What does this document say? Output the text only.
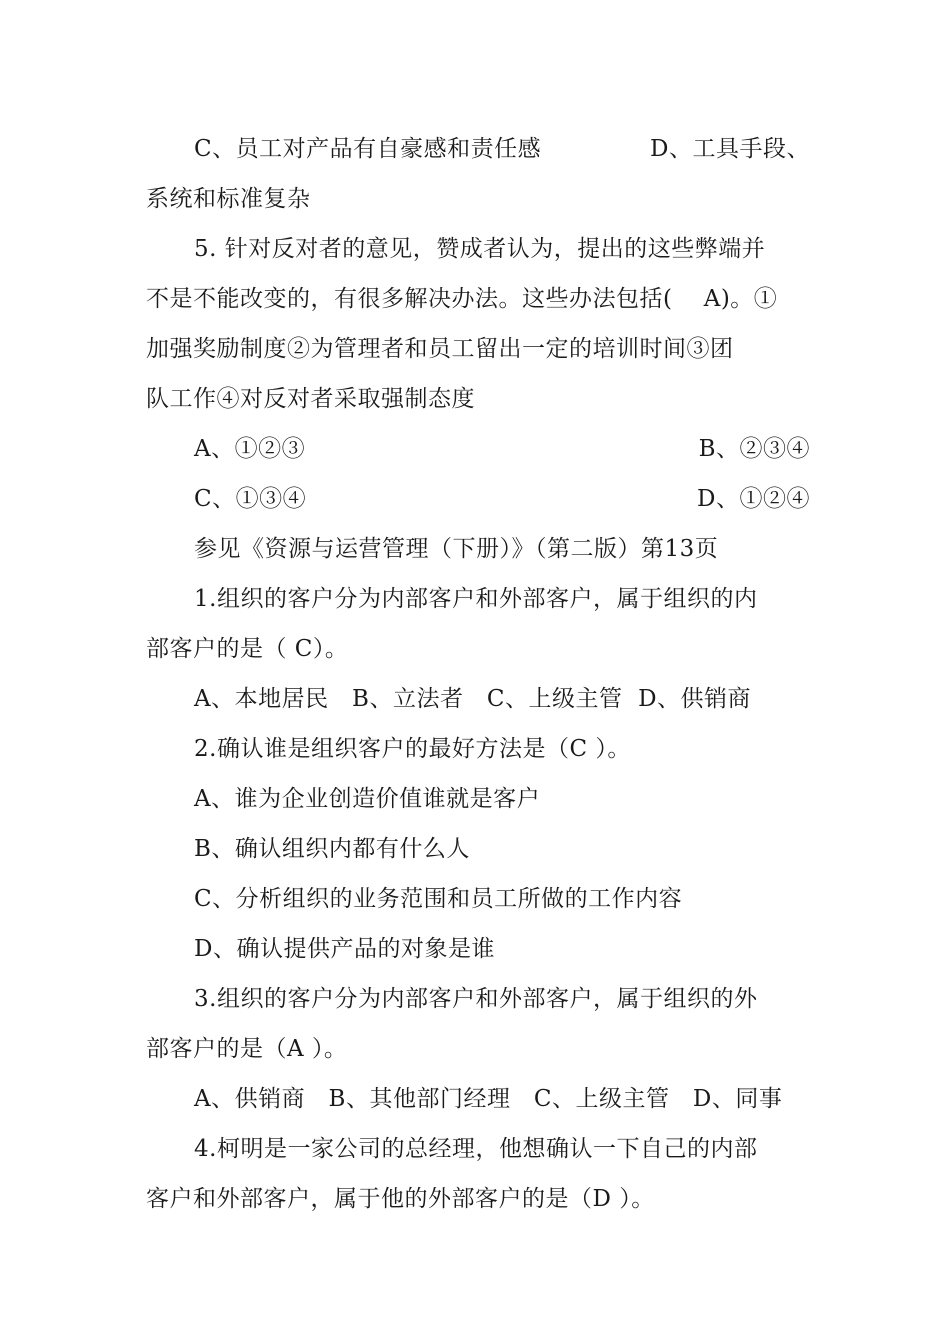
C、员工对产品有自豪感和责任感	D、工具手段、
系统和标准复杂
5. 针对反对者的意见，赞成者认为，提出的这些弊端并
不是不能改变的，有很多解决办法。这些办法包括(    A)。①
加强奖励制度②为管理者和员工留出一定的培训时间③团
队工作④对反对者采取强制态度
A、①②③	B、②③④
C、①③④	D、①②④
参见《资源与运营管理（下册）》（第二版）第13页
1.组织的客户分为内部客户和外部客户，属于组织的内
部客户的是（ C）。
A、本地居民   B、立法者   C、上级主管  D、供销商
2.确认谁是组织客户的最好方法是（C ）。
A、谁为企业创造价值谁就是客户
B、确认组织内都有什么人
C、分析组织的业务范围和员工所做的工作内容
D、确认提供产品的对象是谁
3.组织的客户分为内部客户和外部客户，属于组织的外
部客户的是（A ）。
A、供销商   B、其他部门经理   C、上级主管   D、同事
4.柯明是一家公司的总经理，他想确认一下自己的内部
客户和外部客户，属于他的外部客户的是（D ）。
